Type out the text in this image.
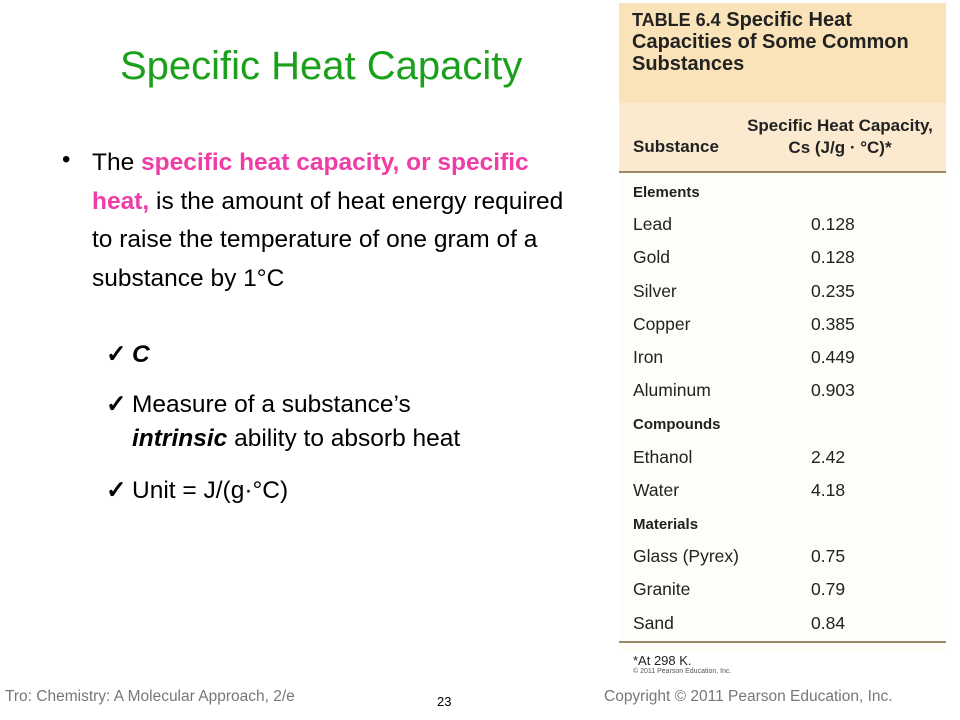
Specific Heat Capacity
• The specific heat capacity, or specific heat, is the amount of heat energy required to raise the temperature of one gram of a substance by 1°C
✓ C
✓ Measure of a substance’s
intrinsic ability to absorb heat
✓ Unit = J/(g·°C)
TABLE 6.4 Specific Heat Capacities of Some Common Substances
Substance
Specific Heat Capacity,
Cs (J/g · °C)*
Elements
Lead	0.128
Gold	0.128
Silver	0.235
Copper	0.385
Iron	0.449
Aluminum	0.903
Compounds
Ethanol	2.42
Water	4.18
Materials
Glass (Pyrex)	0.75
Granite	0.79
Sand	0.84
*At 298 K.
© 2011 Pearson Education, Inc.
Tro: Chemistry: A Molecular Approach, 2/e	23	Copyright © 2011 Pearson Education, Inc.
